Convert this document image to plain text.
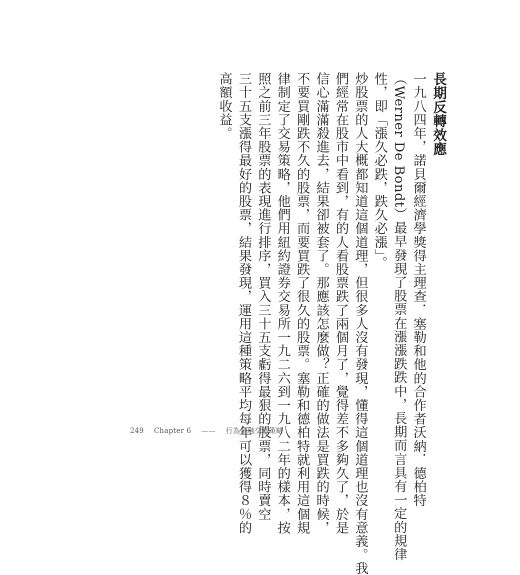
長期反轉效應
一九八四年，諾貝爾經濟學獎得主理查．塞勒和他的合作者沃納．德柏特
（Werner De Bondt）最早發現了股票在漲漲跌跌中，長期而言具有一定的規律
性，即「漲久必跌，跌久必漲」。
炒股票的人大概都知道這個道理，但很多人沒有發現，懂得這個道理也沒有意義。我
們經常在股市中看到，有的人看股票跌了兩個月了，覺得差不多夠久了，於是
信心滿滿殺進去，結果卻被套了。那應該怎麼做？正確的做法是買跌的時候，
不要買剛跌不久的股票，而要買跌了很久的股票。塞勒和德柏特就利用這個規
律制定了交易策略，他們用紐約證券交易所一九二六到一九八二年的樣本，按
照之前三年股票的表現進行排序，買入三十五支虧得最狠的股票，同時賣空
三十五支漲得最好的股票，結果發現，運用這種策略平均每年可以獲得８％的
高額收益。
249 Chapter 6 —— 行為金融交易策略
